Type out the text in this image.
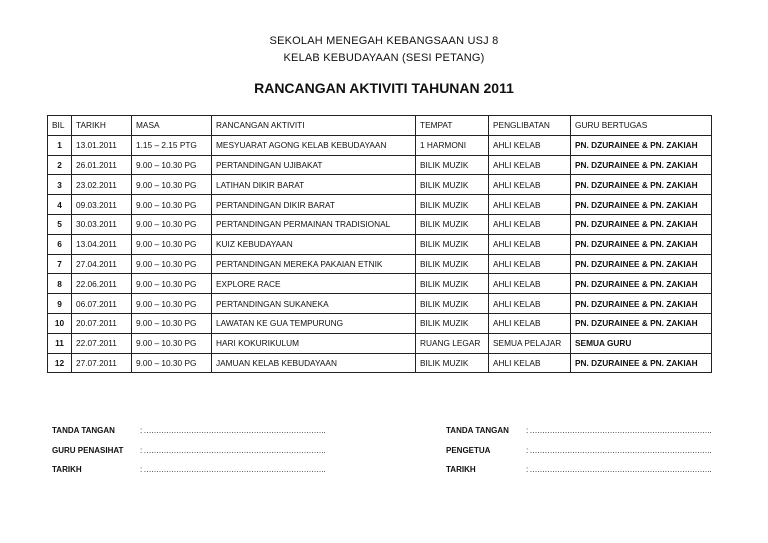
SEKOLAH MENEGAH KEBANGSAAN USJ 8
KELAB KEBUDAYAAN (SESI PETANG)
RANCANGAN AKTIVITI TAHUNAN 2011
BIL	TARIKH	MASA	RANCANGAN AKTIVITI	TEMPAT	PENGLIBATAN	GURU BERTUGAS
1	13.01.2011	1.15 – 2.15 PTG	MESYUARAT AGONG KELAB KEBUDAYAAN	1 HARMONI	AHLI KELAB	PN. DZURAINEE & PN. ZAKIAH
2	26.01.2011	9.00 – 10.30 PG	PERTANDINGAN UJIBAKAT	BILIK MUZIK	AHLI KELAB	PN. DZURAINEE & PN. ZAKIAH
3	23.02.2011	9.00 – 10.30 PG	LATIHAN DIKIR BARAT	BILIK MUZIK	AHLI KELAB	PN. DZURAINEE & PN. ZAKIAH
4	09.03.2011	9.00 – 10.30 PG	PERTANDINGAN DIKIR BARAT	BILIK MUZIK	AHLI KELAB	PN. DZURAINEE & PN. ZAKIAH
5	30.03.2011	9.00 – 10.30 PG	PERTANDINGAN PERMAINAN TRADISIONAL	BILIK MUZIK	AHLI KELAB	PN. DZURAINEE & PN. ZAKIAH
6	13.04.2011	9.00 – 10.30 PG	KUIZ KEBUDAYAAN	BILIK MUZIK	AHLI KELAB	PN. DZURAINEE & PN. ZAKIAH
7	27.04.2011	9.00 – 10.30 PG	PERTANDINGAN MEREKA PAKAIAN ETNIK	BILIK MUZIK	AHLI KELAB	PN. DZURAINEE & PN. ZAKIAH
8	22.06.2011	9.00 – 10.30 PG	EXPLORE RACE	BILIK MUZIK	AHLI KELAB	PN. DZURAINEE & PN. ZAKIAH
9	06.07.2011	9.00 – 10.30 PG	PERTANDINGAN SUKANEKA	BILIK MUZIK	AHLI KELAB	PN. DZURAINEE & PN. ZAKIAH
10	20.07.2011	9.00 – 10.30 PG	LAWATAN KE GUA TEMPURUNG	BILIK MUZIK	AHLI KELAB	PN. DZURAINEE & PN. ZAKIAH
11	22.07.2011	9.00 – 10.30 PG	HARI KOKURIKULUM	RUANG LEGAR	SEMUA PELAJAR	SEMUA GURU
12	27.07.2011	9.00 – 10.30 PG	JAMUAN KELAB KEBUDAYAAN	BILIK MUZIK	AHLI KELAB	PN. DZURAINEE & PN. ZAKIAH
TANDA TANGAN	: ……………………………………………………………….
GURU PENASIHAT : ……………………………………………………………….
TARIKH	: ……………………………………………………………….
TANDA TANGAN : ……………………………………………………………….
PENGETUA	: ……………………………………………………………….
TARIKH	: ……………………………………………………………….
